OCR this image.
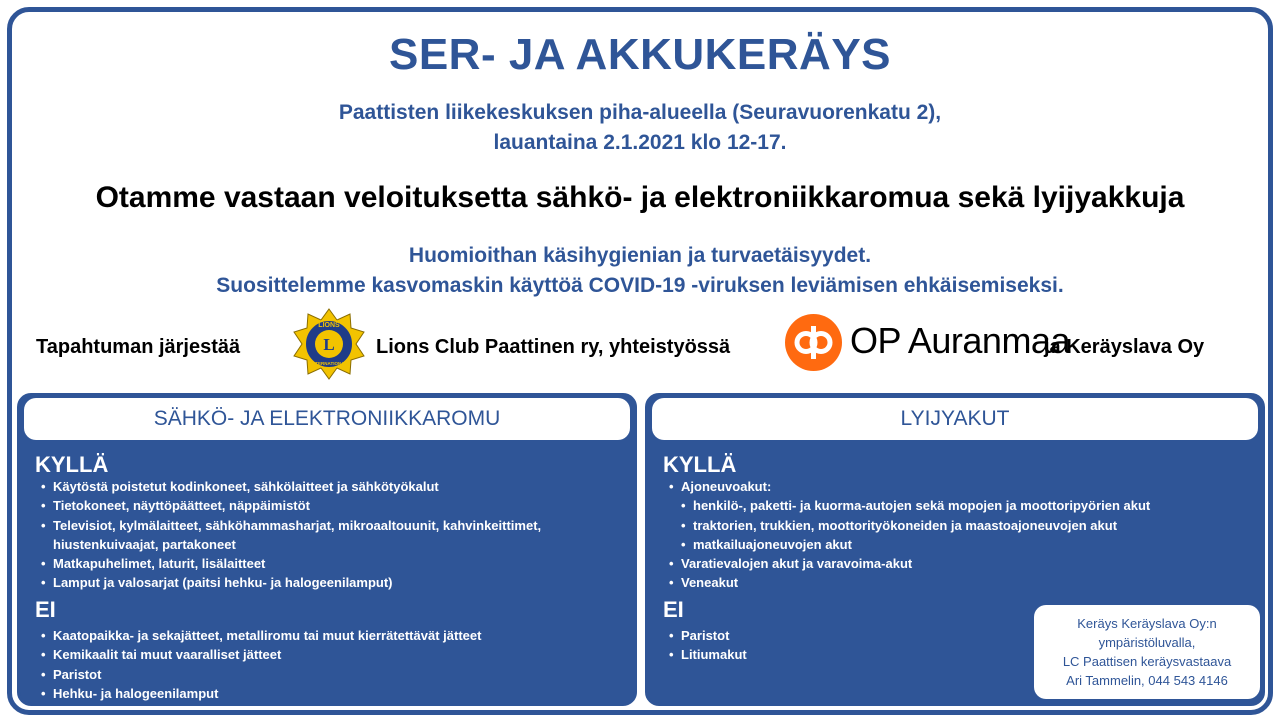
SER- JA AKKUKERÄYS
Paattisten liikekeskuksen piha-alueella (Seuravuorenkatu 2),
lauantaina 2.1.2021 klo 12-17.
Otamme vastaan veloituksetta sähkö- ja elektroniikkaromua sekä lyijyakkuja
Huomioithan käsihygienian ja turvaetäisyydet.
Suosittelemme kasvomaskin käyttöä COVID-19 -viruksen leviämisen ehkäisemiseksi.
Tapahtuman järjestää	L
LIONS
INTERNATIONAL
Lions Club Paattinen ry, yhteistyössä	OP Auranmaa
ja Keräyslava Oy
SÄHKÖ- JA ELEKTRONIIKKAROMU
KYLLÄ
• Käytöstä poistetut kodinkoneet, sähkölaitteet ja sähkötyökalut
• Tietokoneet, näyttöpäätteet, näppäimistöt
• Televisiot, kylmälaitteet, sähköhammasharjat, mikroaaltouunit, kahvinkeittimet,
hiustenkuivaajat, partakoneet
• Matkapuhelimet, laturit, lisälaitteet
• Lamput ja valosarjat (paitsi hehku- ja halogeenilamput)
EI
• Kaatopaikka- ja sekajätteet, metalliromu tai muut kierrätettävät jätteet
• Kemikaalit tai muut vaaralliset jätteet
• Paristot
• Hehku- ja halogeenilamput
LYIJYAKUT
KYLLÄ
• Ajoneuvoakut:
• henkilö-, paketti- ja kuorma-autojen sekä mopojen ja moottoripyörien akut
• traktorien, trukkien, moottorityökoneiden ja maastoajoneuvojen akut
• matkailuajoneuvojen akut
• Varatievalojen akut ja varavoima-akut
• Veneakut
EI
• Paristot
• Litiumakut
Keräys Keräyslava Oy:n
ympäristöluvalla,
LC Paattisen keräysvastaava
Ari Tammelin, 044 543 4146
